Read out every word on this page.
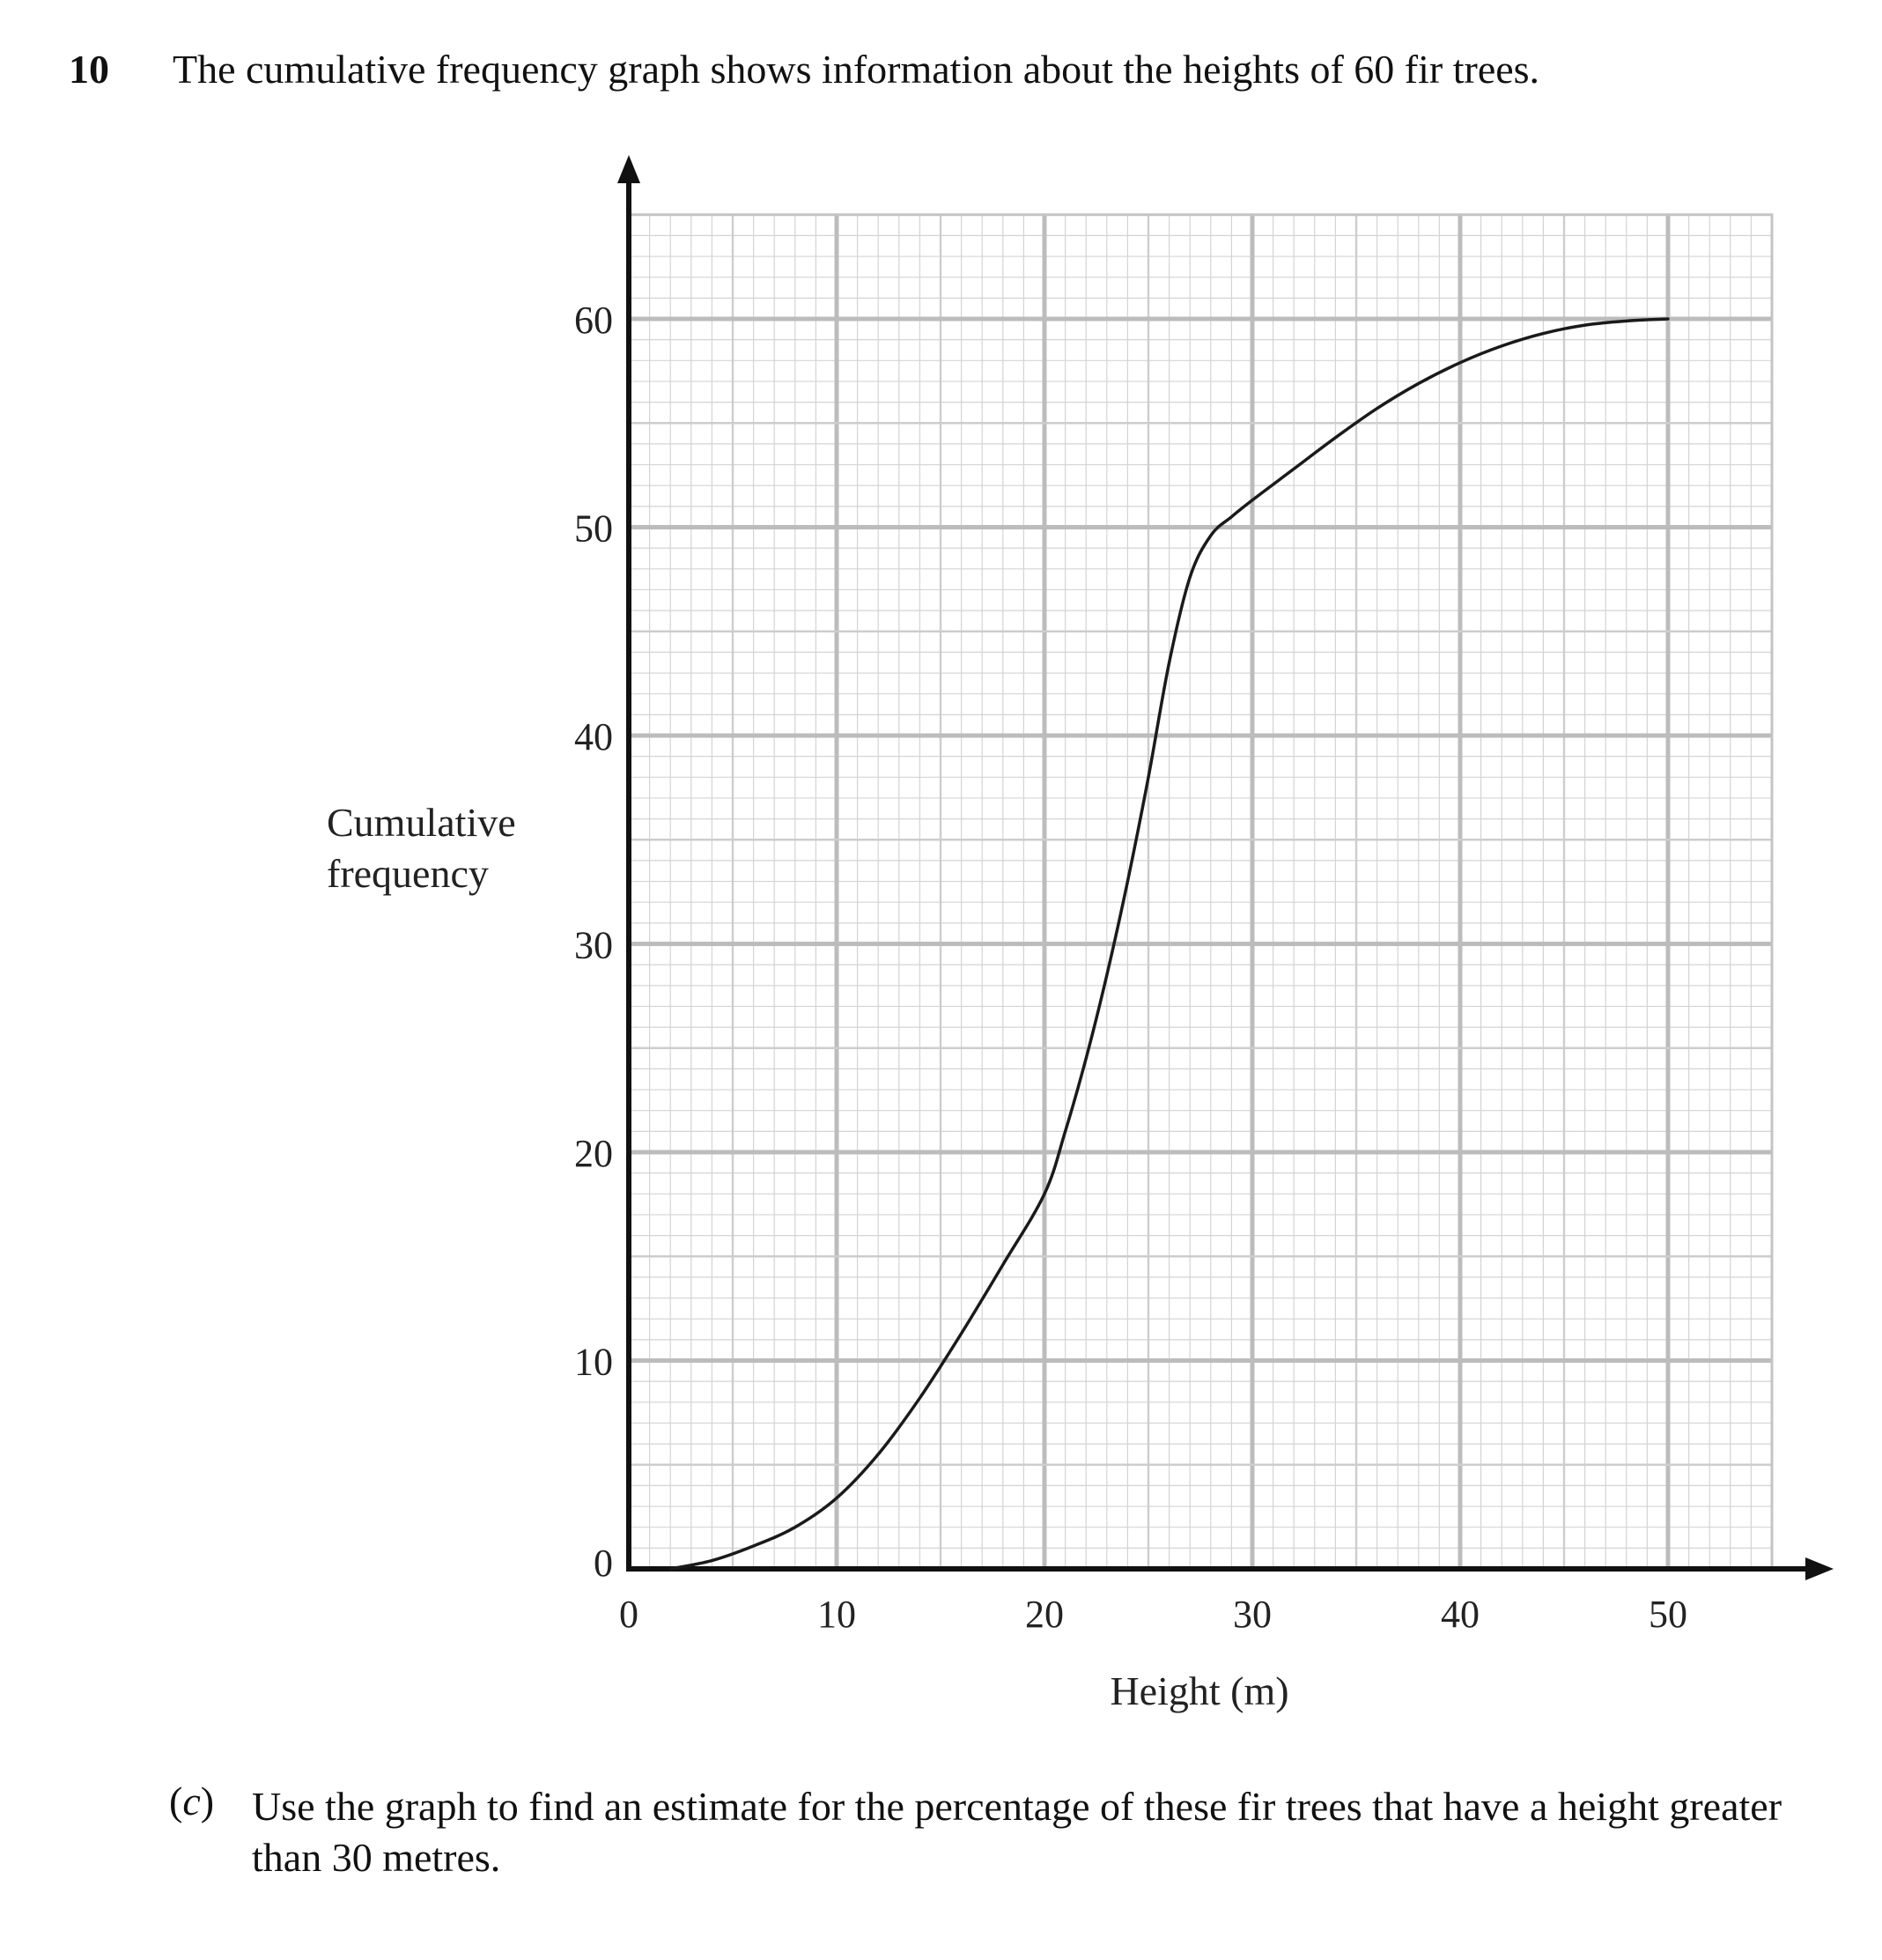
10 The cumulative frequency graph shows information about the heights of 60 fir trees.
0	10	20	30	40	50
0
10
20
30
40
50
60
Cumulative
frequency
Height (m)
(c) Use the graph to find an estimate for the percentage of these fir trees that have a height greater than 30 metres.
